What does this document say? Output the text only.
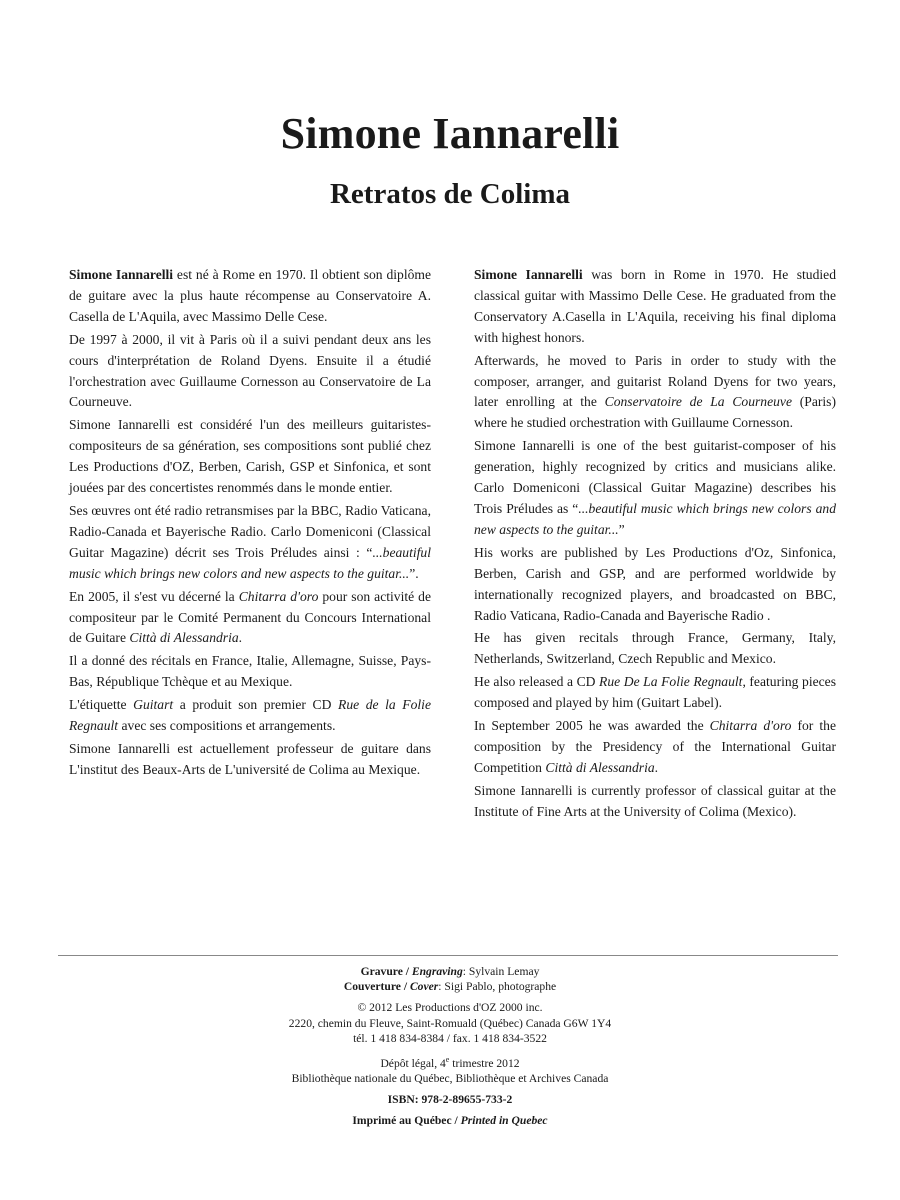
Simone Iannarelli
Retratos de Colima

Simone Iannarelli est né à Rome en 1970. Il obtient son diplôme de guitare avec la plus haute récompense au Conservatoire A. Casella de L'Aquila, avec Massimo Delle Cese.

De 1997 à 2000, il vit à Paris où il a suivi pendant deux ans les cours d'interprétation de Roland Dyens. Ensuite il a étudié l'orchestration avec Guillaume Cornesson au Conservatoire de La Courneuve.

Simone Iannarelli est considéré l'un des meilleurs guitaristes-compositeurs de sa génération, ses compositions sont publié chez Les Productions d'OZ, Berben, Carish, GSP et Sinfonica, et sont jouées par des concertistes renommés dans le monde entier.

Ses œuvres ont été radio retransmises par la BBC, Radio Vaticana, Radio-Canada et Bayerische Radio. Carlo Domeniconi (Classical Guitar Magazine) décrit ses Trois Préludes ainsi : “...beautiful music which brings new colors and new aspects to the guitar...”.

En 2005, il s'est vu décerné la Chitarra d'oro pour son activité de compositeur par le Comité Permanent du Concours International de Guitare Città di Alessandria.

Il a donné des récitals en France, Italie, Allemagne, Suisse, Pays-Bas, République Tchèque et au Mexique.

L'étiquette Guitart a produit son premier CD Rue de la Folie Regnault avec ses compositions et arrangements.

Simone Iannarelli est actuellement professeur de guitare dans L'institut des Beaux-Arts de L'université de Colima au Mexique.

Simone Iannarelli was born in Rome in 1970. He studied classical guitar with Massimo Delle Cese. He graduated from the Conservatory A.Casella in L'Aquila, receiving his final diploma with highest honors.

Afterwards, he moved to Paris in order to study with the composer, arranger, and guitarist Roland Dyens for two years, later enrolling at the Conservatoire de La Courneuve (Paris) where he studied orchestration with Guillaume Cornesson.

Simone Iannarelli is one of the best guitarist-composer of his generation, highly recognized by critics and musicians alike. Carlo Domeniconi (Classical Guitar Magazine) describes his Trois Préludes as “...beautiful music which brings new colors and new aspects to the guitar...”

His works are published by Les Productions d'Oz, Sinfonica, Berben, Carish and GSP, and are performed worldwide by internationally recognized players, and broadcasted on BBC, Radio Vaticana, Radio-Canada and Bayerische Radio .

He has given recitals through France, Germany, Italy, Netherlands, Switzerland, Czech Republic and Mexico.

He also released a CD Rue De La Folie Regnault, featuring pieces composed and played by him (Guitart Label).

In September 2005 he was awarded the Chitarra d'oro for the composition by the Presidency of the International Guitar Competition Città di Alessandria.

Simone Iannarelli is currently professor of classical guitar at the Institute of Fine Arts at the University of Colima (Mexico).

Gravure / Engraving: Sylvain Lemay

Couverture / Cover: Sigi Pablo, photographe

© 2012 Les Productions d'OZ 2000 inc.

2220, chemin du Fleuve, Saint-Romuald (Québec) Canada G6W 1Y4

tél. 1 418 834-8384 / fax. 1 418 834-3522

Dépôt légal, 4e trimestre 2012

Bibliothèque nationale du Québec, Bibliothèque et Archives Canada

ISBN: 978-2-89655-733-2

Imprimé au Québec / Printed in Quebec
